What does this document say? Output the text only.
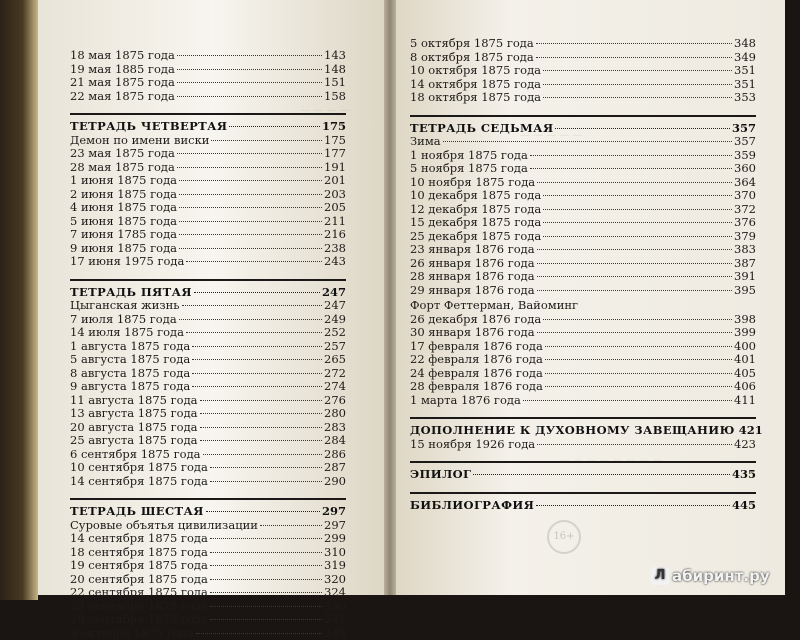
— — — —
— — — — —
— — — — — — — —
16+
18 мая 1875 года	143
19 мая 1885 года	148
21 мая 1875 года	151
22 мая 1875 года	158
ТЕТРАДЬ ЧЕТВЕРТАЯ	175
Демон по имени виски	175
23 мая 1875 года	177
28 мая 1875 года	191
1 июня 1875 года	201
2 июня 1875 года	203
4 июня 1875 года	205
5 июня 1875 года	211
7 июня 1785 года	216
9 июня 1875 года	238
17 июня 1975 года	243
ТЕТРАДЬ ПЯТАЯ	247
Цыганская жизнь	247
7 июля 1875 года	249
14 июля 1875 года	252
1 августа 1875 года	257
5 августа 1875 года	265
8 августа 1875 года	272
9 августа 1875 года	274
11 августа 1875 года	276
13 августа 1875 года	280
20 августа 1875 года	283
25 августа 1875 года	284
6 сентября 1875 года	286
10 сентября 1875 года	287
14 сентября 1875 года	290
ТЕТРАДЬ ШЕСТАЯ	297
Суровые объятья цивилизации	297
14 сентября 1875 года	299
18 сентября 1875 года	310
19 сентября 1875 года	319
20 сентября 1875 года	320
22 сентября 1875 года	324
23 сентября 1875 года	330
28 сентября 1875 года	341
3 октября 1875 года	345
5 октября 1875 года	348
8 октября 1875 года	349
10 октября 1875 года	351
14 октября 1875 года	351
18 октября 1875 года	353
ТЕТРАДЬ СЕДЬМАЯ	357
Зима	357
1 ноября 1875 года	359
5 ноября 1875 года	360
10 ноября 1875 года	364
10 декабря 1875 года	370
12 декабря 1875 года	372
15 декабря 1875 года	376
25 декабря 1875 года	379
23 января 1876 года	383
26 января 1876 года	387
28 января 1876 года	391
29 января 1876 года	395
Форт Феттерман, Вайоминг
26 декабря 1876 года	398
30 января 1876 года	399
17 февраля 1876 года	400
22 февраля 1876 года	401
24 февраля 1876 года	405
28 февраля 1876 года	406
1 марта 1876 года	411
ДОПОЛНЕНИЕ К ДУХОВНОМУ ЗАВЕЩАНИЮ 421
15 ноября 1926 года	423
ЭПИЛОГ	435
БИБЛИОГРАФИЯ	445
Л абиринт.ру
